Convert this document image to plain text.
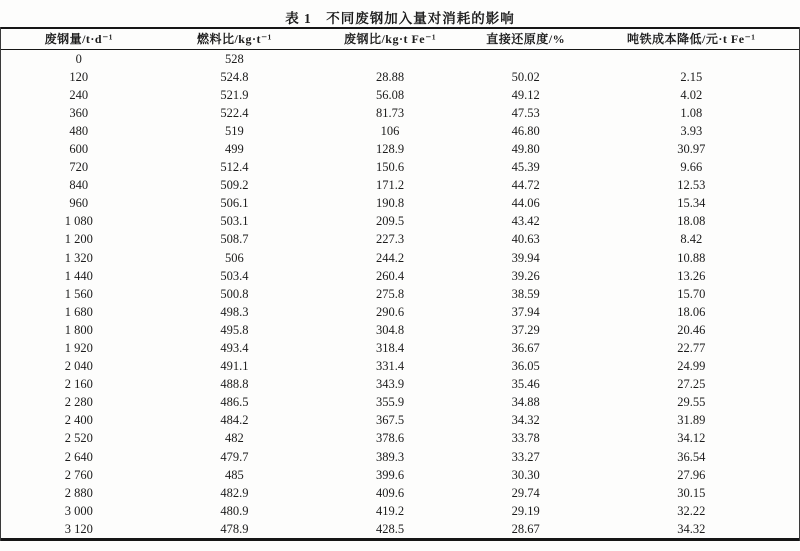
表 1　不同废钢加入量对消耗的影响
废钢量/t·d⁻¹	燃料比/kg·t⁻¹	废钢比/kg·t Fe⁻¹	直接还原度/%	吨铁成本降低/元·t Fe⁻¹
0	528			
120	524.8	28.88	50.02	2.15
240	521.9	56.08	49.12	4.02
360	522.4	81.73	47.53	1.08
480	519	106	46.80	3.93
600	499	128.9	49.80	30.97
720	512.4	150.6	45.39	9.66
840	509.2	171.2	44.72	12.53
960	506.1	190.8	44.06	15.34
1 080	503.1	209.5	43.42	18.08
1 200	508.7	227.3	40.63	8.42
1 320	506	244.2	39.94	10.88
1 440	503.4	260.4	39.26	13.26
1 560	500.8	275.8	38.59	15.70
1 680	498.3	290.6	37.94	18.06
1 800	495.8	304.8	37.29	20.46
1 920	493.4	318.4	36.67	22.77
2 040	491.1	331.4	36.05	24.99
2 160	488.8	343.9	35.46	27.25
2 280	486.5	355.9	34.88	29.55
2 400	484.2	367.5	34.32	31.89
2 520	482	378.6	33.78	34.12
2 640	479.7	389.3	33.27	36.54
2 760	485	399.6	30.30	27.96
2 880	482.9	409.6	29.74	30.15
3 000	480.9	419.2	29.19	32.22
3 120	478.9	428.5	28.67	34.32
